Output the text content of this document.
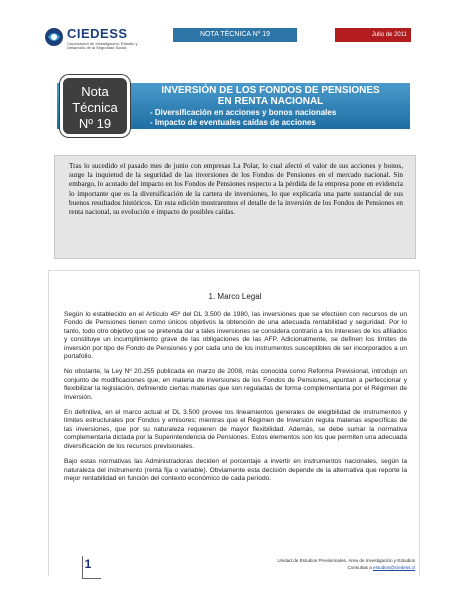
CIEDESS
Corporación de Investigación, Estudio y Desarrollo de la Seguridad Social
NOTA TÉCNICA Nº 19	Julio de 2011
Nota
Técnica
Nº 19
INVERSIÓN DE LOS FONDOS DE PENSIONES
EN RENTA NACIONAL
- Diversificación en acciones y bonos nacionales
- Impacto de eventuales caídas de acciones
Tras lo sucedido el pasado mes de junio con empresas La Polar, lo cual afectó el valor de sus acciones y bonos, surge la inquietud de la seguridad de las inversiones de los Fondos de Pensiones en el mercado nacional. Sin embargo, lo acotado del impacto en los Fondos de Pensiones respecto a la pérdida de la empresa pone en evidencia lo importante que es la diversificación de la cartera de inversiones, lo que explicaría una parte sustancial de sus buenos resultados históricos. En esta edición mostraremos el detalle de la inversión de los Fondos de Pensiones en renta nacional, su evolución e impacto de posibles caídas.
1. Marco Legal

Según lo establecido en el Artículo 45º del DL 3.500 de 1980, las inversiones que se efectúen con recursos de un Fondo de Pensiones tienen como únicos objetivos la obtención de una adecuada rentabilidad y seguridad. Por lo tanto, todo otro objetivo que se pretenda dar a tales inversiones se considera contrario a los intereses de los afiliados y constituye un incumplimiento grave de las obligaciones de las AFP. Adicionalmente, se definen los límites de inversión por tipo de Fondo de Pensiones y por cada uno de los instrumentos susceptibles de ser incorporados a un portafolio.

No obstante, la Ley Nº 20.255 publicada en marzo de 2008, más conocida como Reforma Previsional, introdujo un conjunto de modificaciones que, en materia de inversiones de los Fondos de Pensiones, apuntan a perfeccionar y flexibilizar la legislación, definiendo ciertas materias que son reguladas de forma complementaria por el Régimen de Inversión.

En definitiva, en el marco actual el DL 3.500 provee los lineamientos generales de elegibilidad de instrumentos y límites estructurales por Fondos y emisores; mientras que el Régimen de Inversión regula materias específicas de las inversiones, que por su naturaleza requieren de mayor flexibilidad. Además, se debe sumar la normativa complementaria dictada por la Superintendencia de Pensiones. Estos elementos son los que permiten una adecuada diversificación de los recursos previsionales.

Bajo estas normativas las Administradoras deciden el porcentaje a invertir en instrumentos nacionales, según la naturaleza del instrumento (renta fija o variable). Obviamente esta decisión depende de la alternativa que reporte la mejor rentabilidad en función del contexto económico de cada período.

1	Unidad de Estudios Previsionales, Área de Investigación y Estudios
Consultas a estudios@ciedess.cl
